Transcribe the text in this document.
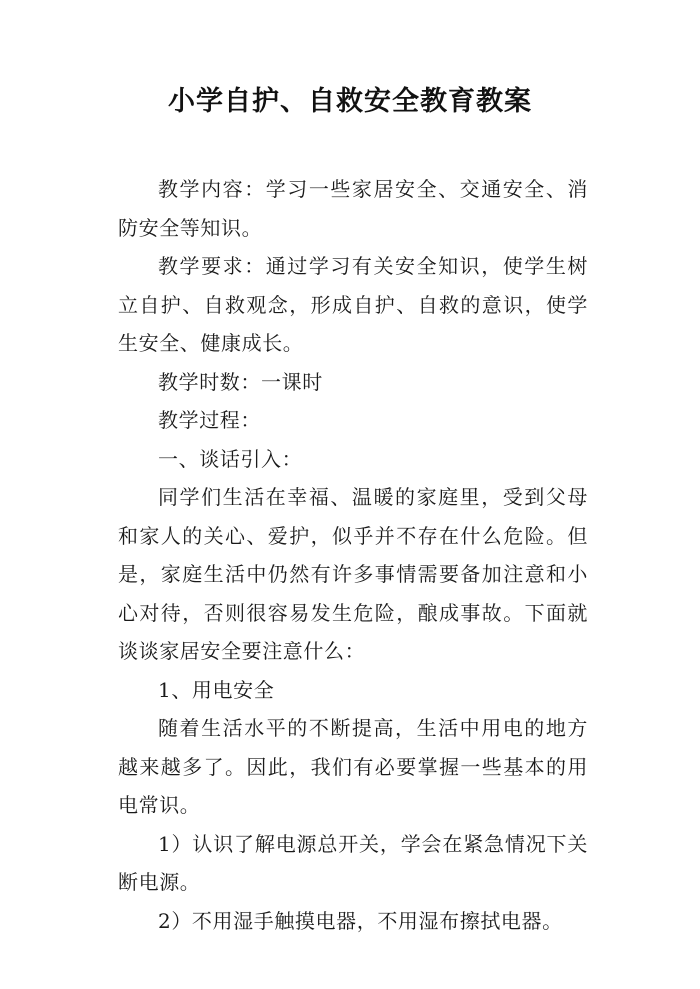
小学自护、自救安全教育教案

教学内容：学习一些家居安全、交通安全、消防安全等知识。

教学要求：通过学习有关安全知识，使学生树立自护、自救观念，形成自护、自救的意识，使学生安全、健康成长。

教学时数：一课时

教学过程：

一、谈话引入：

同学们生活在幸福、温暖的家庭里，受到父母和家人的关心、爱护，似乎并不存在什么危险。但是，家庭生活中仍然有许多事情需要备加注意和小心对待，否则很容易发生危险，酿成事故。下面就谈谈家居安全要注意什么：

1、用电安全

随着生活水平的不断提高，生活中用电的地方越来越多了。因此，我们有必要掌握一些基本的用电常识。

1）认识了解电源总开关，学会在紧急情况下关断电源。

2）不用湿手触摸电器，不用湿布擦拭电器。
